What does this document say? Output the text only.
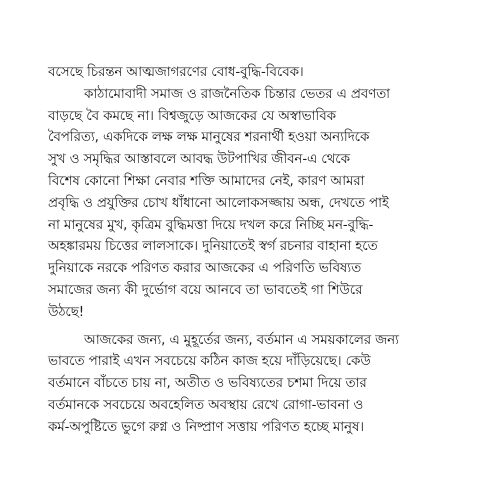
বসেছে চিরন্তন আত্মজাগরণের বোধ-বুদ্ধি-বিবেক।
কাঠামোবাদী সমাজ ও রাজনৈতিক চিন্তার ভেতর এ প্রবণতা
বাড়ছে বৈ কমছে না। বিশ্বজুড়ে আজকের যে অস্বাভাবিক
বৈপরিত্য, একদিকে লক্ষ লক্ষ মানুষের শরনার্থী হওয়া অন্যদিকে
সুখ ও সমৃদ্ধির আস্তাবলে আবদ্ধ উটপাখির জীবন-এ থেকে
বিশেষ কোনো শিক্ষা নেবার শক্তি আমাদের নেই, কারণ আমরা
প্রবৃদ্ধি ও প্রযুক্তির চোখ ধাঁধানো আলোকসজ্জায় অন্ধ, দেখতে পাই
না মানুষের মুখ, কৃত্রিম বুদ্ধিমত্তা দিয়ে দখল করে নিচ্ছি মন-বুদ্ধি-
অহঙ্কারময় চিত্তের লালসাকে। দুনিয়াতেই স্বর্গ রচনার বাহানা হতে
দুনিয়াকে নরকে পরিণত করার আজকের এ পরিণতি ভবিষ্যত
সমাজের জন্য কী দুর্ভোগ বয়ে আনবে তা ভাবতেই গা শিউরে
উঠছে!
আজকের জন্য, এ মুহূর্তের জন্য, বর্তমান এ সময়কালের জন্য
ভাবতে পারাই এখন সবচেয়ে কঠিন কাজ হয়ে দাঁড়িয়েছে। কেউ
বর্তমানে বাঁচতে চায় না, অতীত ও ভবিষ্যতের চশমা দিয়ে তার
বর্তমানকে সবচেয়ে অবহেলিত অবস্থায় রেখে রোগা-ভাবনা ও
কর্ম-অপুষ্টিতে ভুগে রুগ্ন ও নিষ্প্রাণ সত্তায় পরিণত হচ্ছে মানুষ।
